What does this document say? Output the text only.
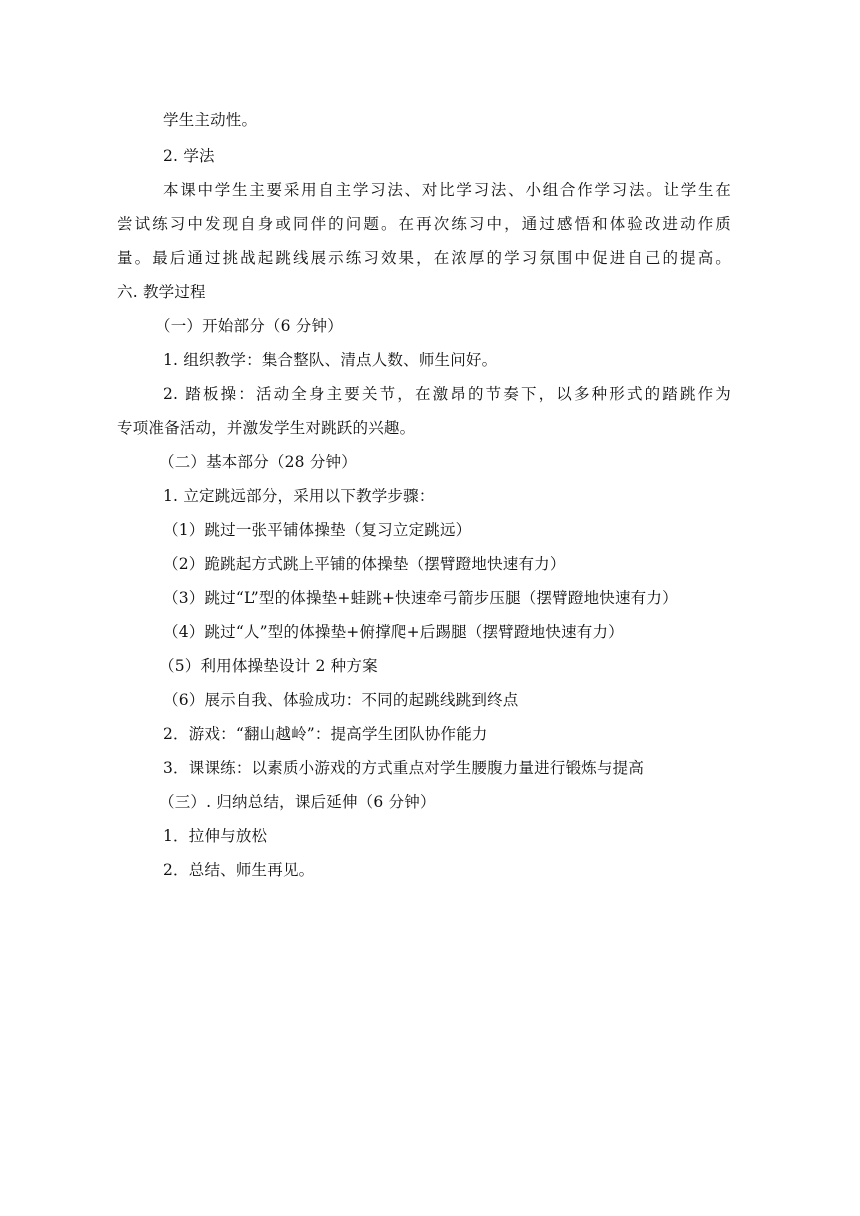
学生主动性。
2. 学法
本课中学生主要采用自主学习法、对比学习法、小组合作学习法。让学生在
尝试练习中发现自身或同伴的问题。在再次练习中，通过感悟和体验改进动作质
量。最后通过挑战起跳线展示练习效果，在浓厚的学习氛围中促进自己的提高。
六. 教学过程
（一）开始部分（6 分钟）
1. 组织教学：集合整队、清点人数、师生问好。
2. 踏板操：活动全身主要关节，在激昂的节奏下，以多种形式的踏跳作为
专项准备活动，并激发学生对跳跃的兴趣。
（二）基本部分（28 分钟）
1. 立定跳远部分，采用以下教学步骤：
（1）跳过一张平铺体操垫（复习立定跳远）
（2）跪跳起方式跳上平铺的体操垫（摆臂蹬地快速有力）
（3）跳过“L”型的体操垫+蛙跳+快速牵弓箭步压腿（摆臂蹬地快速有力）
（4）跳过“人”型的体操垫+俯撑爬+后踢腿（摆臂蹬地快速有力）
（5）利用体操垫设计 2 种方案
（6）展示自我、体验成功：不同的起跳线跳到终点
2．游戏：“翻山越岭”：提高学生团队协作能力
3．课课练：以素质小游戏的方式重点对学生腰腹力量进行锻炼与提高
（三）. 归纳总结，课后延伸（6 分钟）
1．拉伸与放松
2．总结、师生再见。
